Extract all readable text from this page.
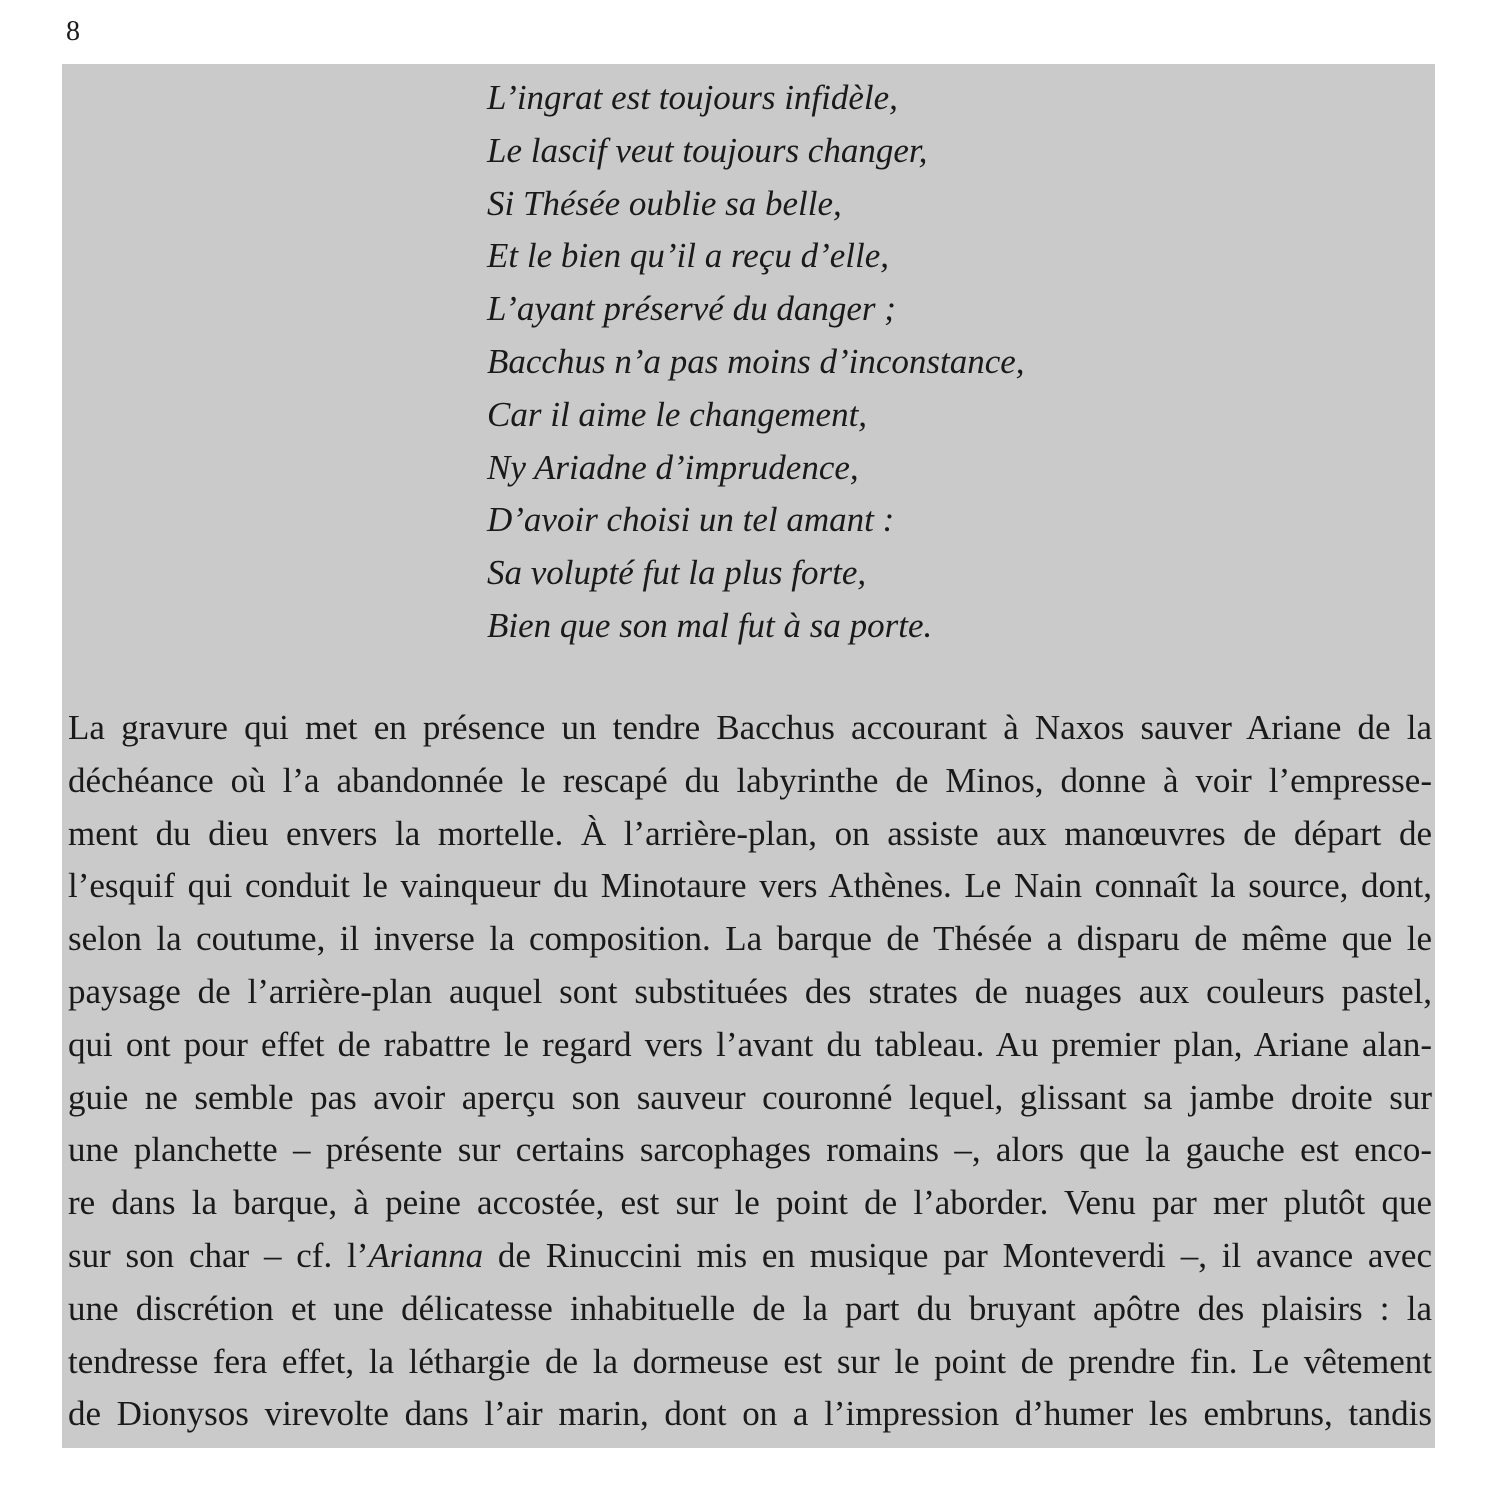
8
L’ingrat est toujours infidèle,
Le lascif veut toujours changer,
Si Thésée oublie sa belle,
Et le bien qu’il a reçu d’elle,
L’ayant préservé du danger ;
Bacchus n’a pas moins d’inconstance,
Car il aime le changement,
Ny Ariadne d’imprudence,
D’avoir choisi un tel amant :
Sa volupté fut la plus forte,
Bien que son mal fut à sa porte.
La gravure qui met en présence un tendre Bacchus accourant à Naxos sauver Ariane de la
déchéance où l’a abandonnée le rescapé du labyrinthe de Minos, donne à voir l’empresse-
ment du dieu envers la mortelle. À l’arrière-plan, on assiste aux manœuvres de départ de
l’esquif qui conduit le vainqueur du Minotaure vers Athènes. Le Nain connaît la source, dont,
selon la coutume, il inverse la composition. La barque de Thésée a disparu de même que le
paysage de l’arrière-plan auquel sont substituées des strates de nuages aux couleurs pastel,
qui ont pour effet de rabattre le regard vers l’avant du tableau. Au premier plan, Ariane alan-
guie ne semble pas avoir aperçu son sauveur couronné lequel, glissant sa jambe droite sur
une planchette – présente sur certains sarcophages romains –, alors que la gauche est enco-
re dans la barque, à peine accostée, est sur le point de l’aborder. Venu par mer plutôt que
sur son char – cf. l’Arianna de Rinuccini mis en musique par Monteverdi –, il avance avec
une discrétion et une délicatesse inhabituelle de la part du bruyant apôtre des plaisirs : la
tendresse fera effet, la léthargie de la dormeuse est sur le point de prendre fin. Le vêtement
de Dionysos virevolte dans l’air marin, dont on a l’impression d’humer les embruns, tandis
